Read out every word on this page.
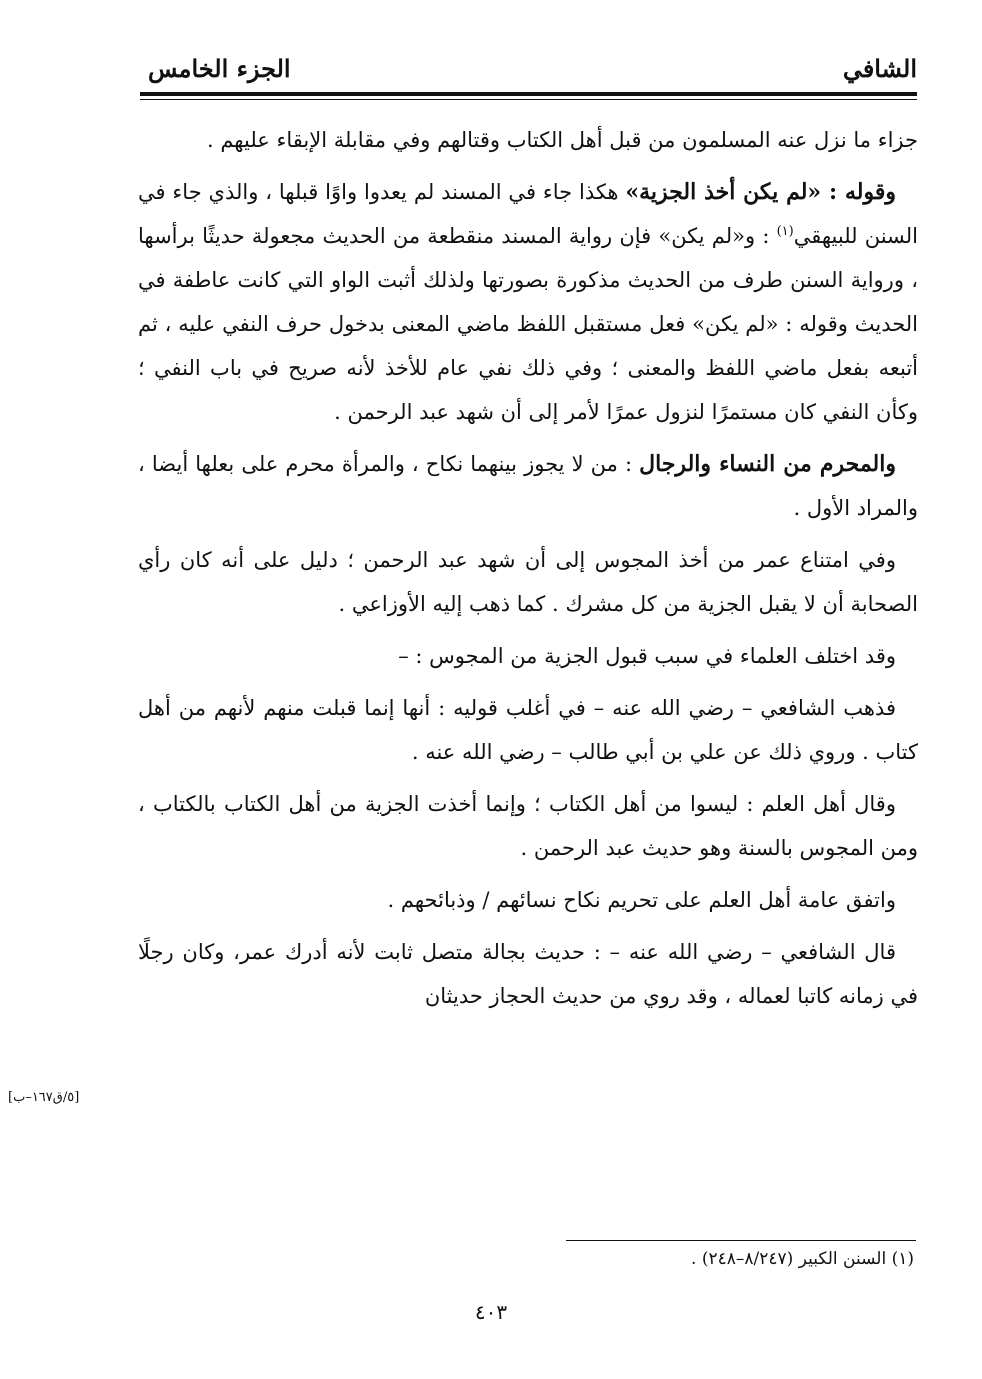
الشافي
الجزء الخامس

جزاء ما نزل عنه المسلمون من قبل أهل الكتاب وقتالهم وفي مقابلة الإبقاء عليهم .

وقوله : «لم يكن أخذ الجزية» هكذا جاء في المسند لم يعدوا واوًا قبلها ، والذي جاء في السنن للبيهقي$^{(١)}$ : و«لم يكن» فإن رواية المسند منقطعة من الحديث مجعولة حديثًا برأسها ، ورواية السنن طرف من الحديث مذكورة بصورتها ولذلك أثبت الواو التي كانت عاطفة في الحديث وقوله : «لم يكن» فعل مستقبل اللفظ ماضي المعنى بدخول حرف النفي عليه ، ثم أتبعه بفعل ماضي اللفظ والمعنى ؛ وفي ذلك نفي عام للأخذ لأنه صريح في باب النفي ؛ وكأن النفي كان مستمرًا لنزول عمرًا لأمر إلى أن شهد عبد الرحمن .

والمحرم من النساء والرجال : من لا يجوز بينهما نكاح ، والمرأة محرم على بعلها أيضا ، والمراد الأول .

وفي امتناع عمر من أخذ المجوس إلى أن شهد عبد الرحمن ؛ دليل على أنه كان رأي الصحابة أن لا يقبل الجزية من كل مشرك . كما ذهب إليه الأوزاعي .

وقد اختلف العلماء في سبب قبول الجزية من المجوس : –

فذهب الشافعي – رضي الله عنه – في أغلب قوليه : أنها إنما قبلت منهم لأنهم من أهل كتاب . وروي ذلك عن علي بن أبي طالب – رضي الله عنه .

وقال أهل العلم : ليسوا من أهل الكتاب ؛ وإنما أخذت الجزية من أهل الكتاب بالكتاب ، ومن المجوس بالسنة وهو حديث عبد الرحمن .

واتفق عامة أهل العلم على تحريم نكاح نسائهم / وذبائحهم .

قال الشافعي – رضي الله عنه – : حديث بجالة متصل ثابت لأنه أدرك عمر، وكان رجلًا في زمانه كاتبا لعماله ، وقد روي من حديث الحجاز حديثان

[٥/ق١٦٧–ب]
(١) السنن الكبير (٨/٢٤٧–٢٤٨) .
٤٠٣
